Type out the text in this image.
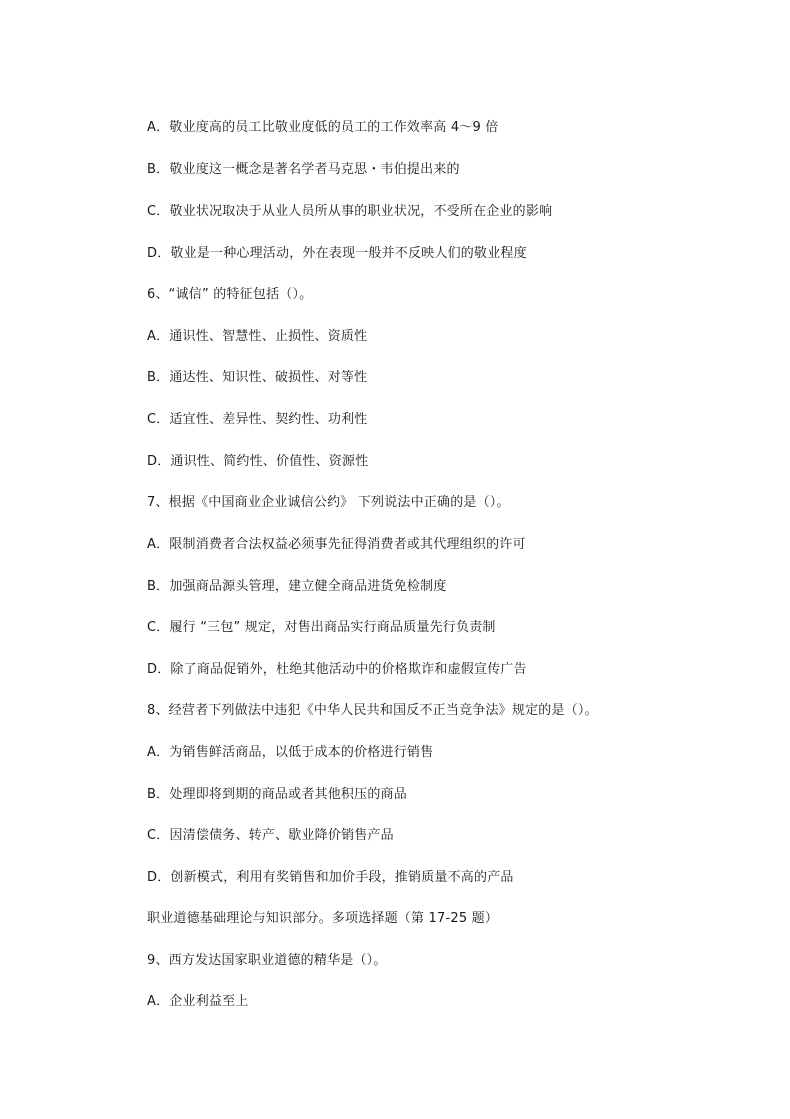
A．敬业度高的员工比敬业度低的员工的工作效率高 4～9 倍
B．敬业度这一概念是著名学者马克思・韦伯提出来的
C．敬业状况取决于从业人员所从事的职业状况，不受所在企业的影响
D．敬业是一种心理活动，外在表现一般并不反映人们的敬业程度
6、“诚信” 的特征包括（）。
A．通识性、智慧性、止损性、资质性
B．通达性、知识性、破损性、对等性
C．适宜性、差异性、契约性、功利性
D．通识性、简约性、价值性、资源性
7、根据《中国商业企业诚信公约》 下列说法中正确的是（）。
A．限制消费者合法权益必须事先征得消费者或其代理组织的许可
B．加强商品源头管理，建立健全商品进货免检制度
C．履行 “三包” 规定，对售出商品实行商品质量先行负责制
D．除了商品促销外，杜绝其他活动中的价格欺诈和虚假宣传广告
8、经营者下列做法中违犯《中华人民共和国反不正当竞争法》规定的是（）。
A．为销售鲜活商品，以低于成本的价格进行销售
B．处理即将到期的商品或者其他积压的商品
C．因清偿债务、转产、歇业降价销售产品
D．创新模式，利用有奖销售和加价手段，推销质量不高的产品
职业道德基础理论与知识部分。多项选择题（第 17-25 题）
9、西方发达国家职业道德的精华是（）。
A．企业利益至上
